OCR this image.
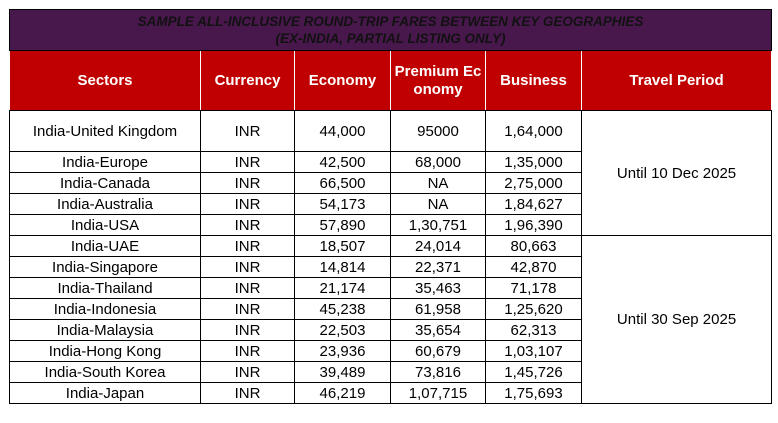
SAMPLE ALL-INCLUSIVE ROUND-TRIP FARES BETWEEN KEY GEOGRAPHIES
(EX-INDIA, PARTIAL LISTING ONLY)					

Sectors	Currency	Economy	Premium Economy	Business	Travel Period
India-United Kingdom	INR	44,000	95000	1,64,000	Until 10 Dec 2025
India-Europe	INR	42,500	68,000	1,35,000	
India-Canada	INR	66,500	NA	2,75,000	
India-Australia	INR	54,173	NA	1,84,627	
India-USA	INR	57,890	1,30,751	1,96,390	
India-UAE	INR	18,507	24,014	80,663	Until 30 Sep 2025
India-Singapore	INR	14,814	22,371	42,870	
India-Thailand	INR	21,174	35,463	71,178	
India-Indonesia	INR	45,238	61,958	1,25,620	
India-Malaysia	INR	22,503	35,654	62,313	
India-Hong Kong	INR	23,936	60,679	1,03,107	
India-South Korea	INR	39,489	73,816	1,45,726	
India-Japan	INR	46,219	1,07,715	1,75,693	
